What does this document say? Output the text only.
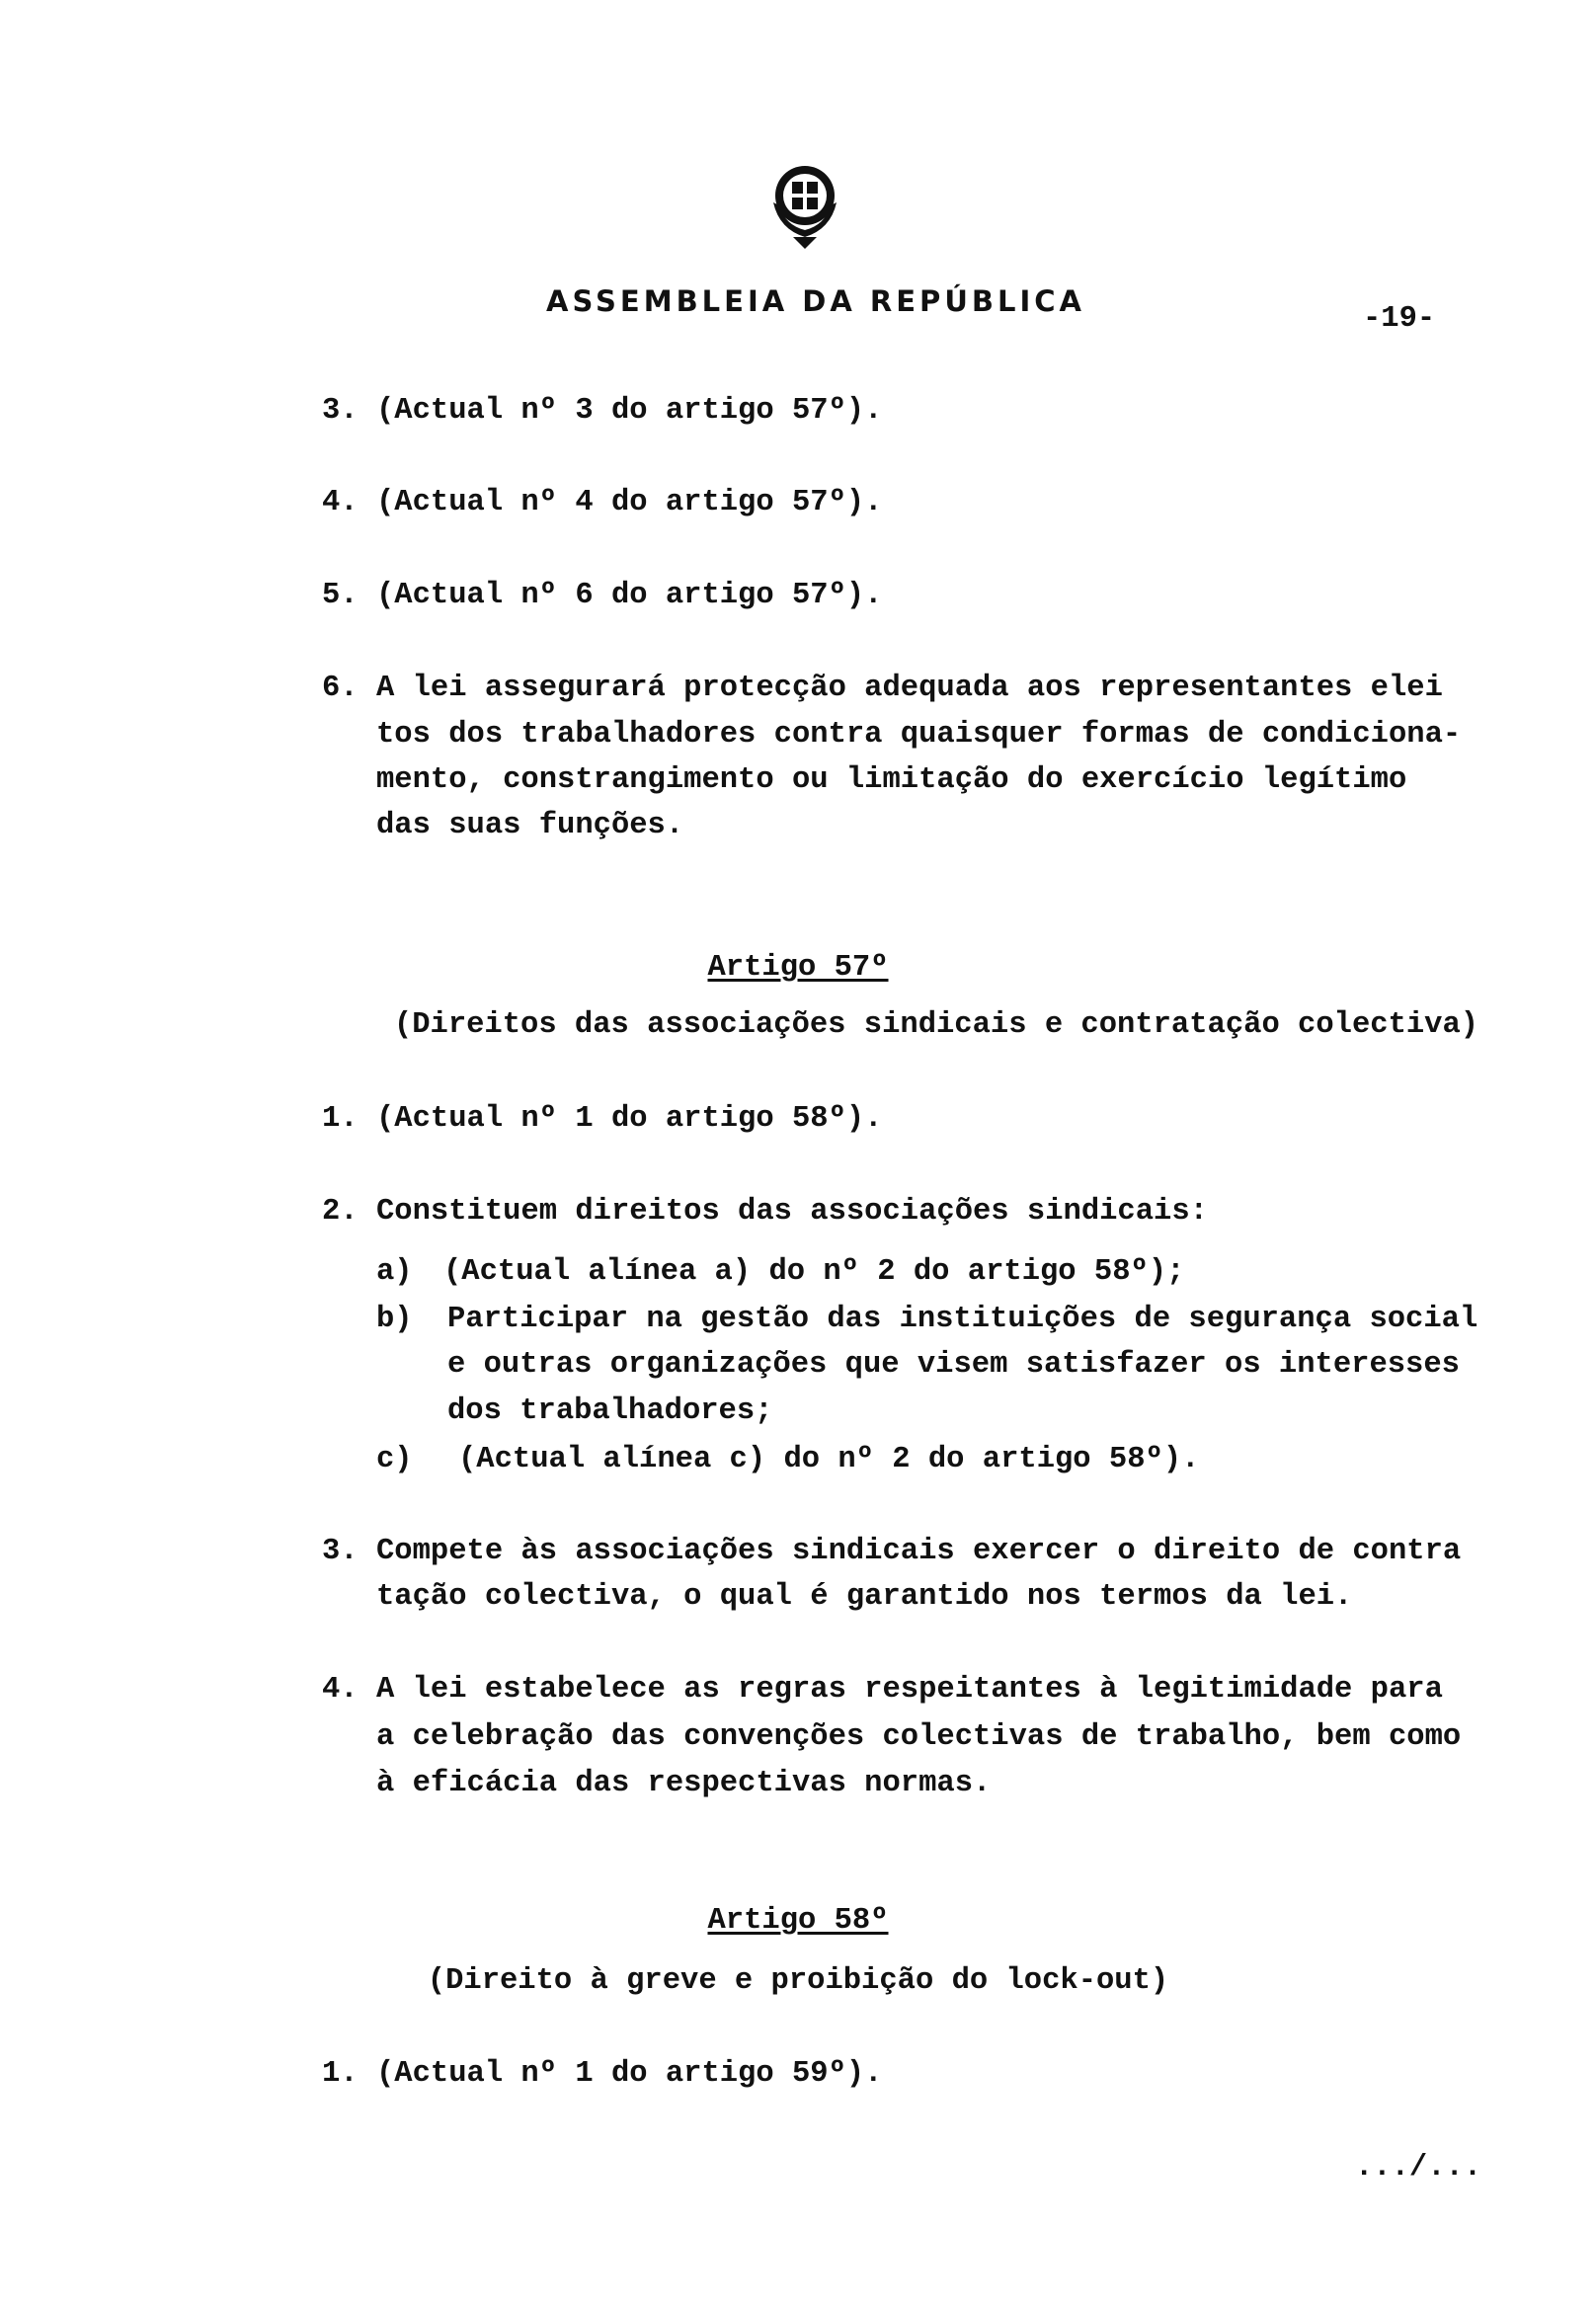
ASSEMBLEIA DA REPÚBLICA
-19-
3. (Actual nº 3 do artigo 57º).
4. (Actual nº 4 do artigo 57º).
5. (Actual nº 6 do artigo 57º).
6. A lei assegurará protecção adequada aos representantes elei
tos dos trabalhadores contra quaisquer formas de condiciona-
mento, constrangimento ou limitação do exercício legítimo
das suas funções.
Artigo 57º
(Direitos das associações sindicais e contratação colectiva)
1. (Actual nº 1 do artigo 58º).
2. Constituem direitos das associações sindicais:
a) (Actual alínea a) do nº 2 do artigo 58º);
b) Participar na gestão das instituições de segurança social
e outras organizações que visem satisfazer os interesses
dos trabalhadores;
c) (Actual alínea c) do nº 2 do artigo 58º).
3. Compete às associações sindicais exercer o direito de contra
tação colectiva, o qual é garantido nos termos da lei.
4. A lei estabelece as regras respeitantes à legitimidade para
a celebração das convenções colectivas de trabalho, bem como
à eficácia das respectivas normas.
Artigo 58º
(Direito à greve e proibição do lock-out)
1. (Actual nº 1 do artigo 59º).
.../...
